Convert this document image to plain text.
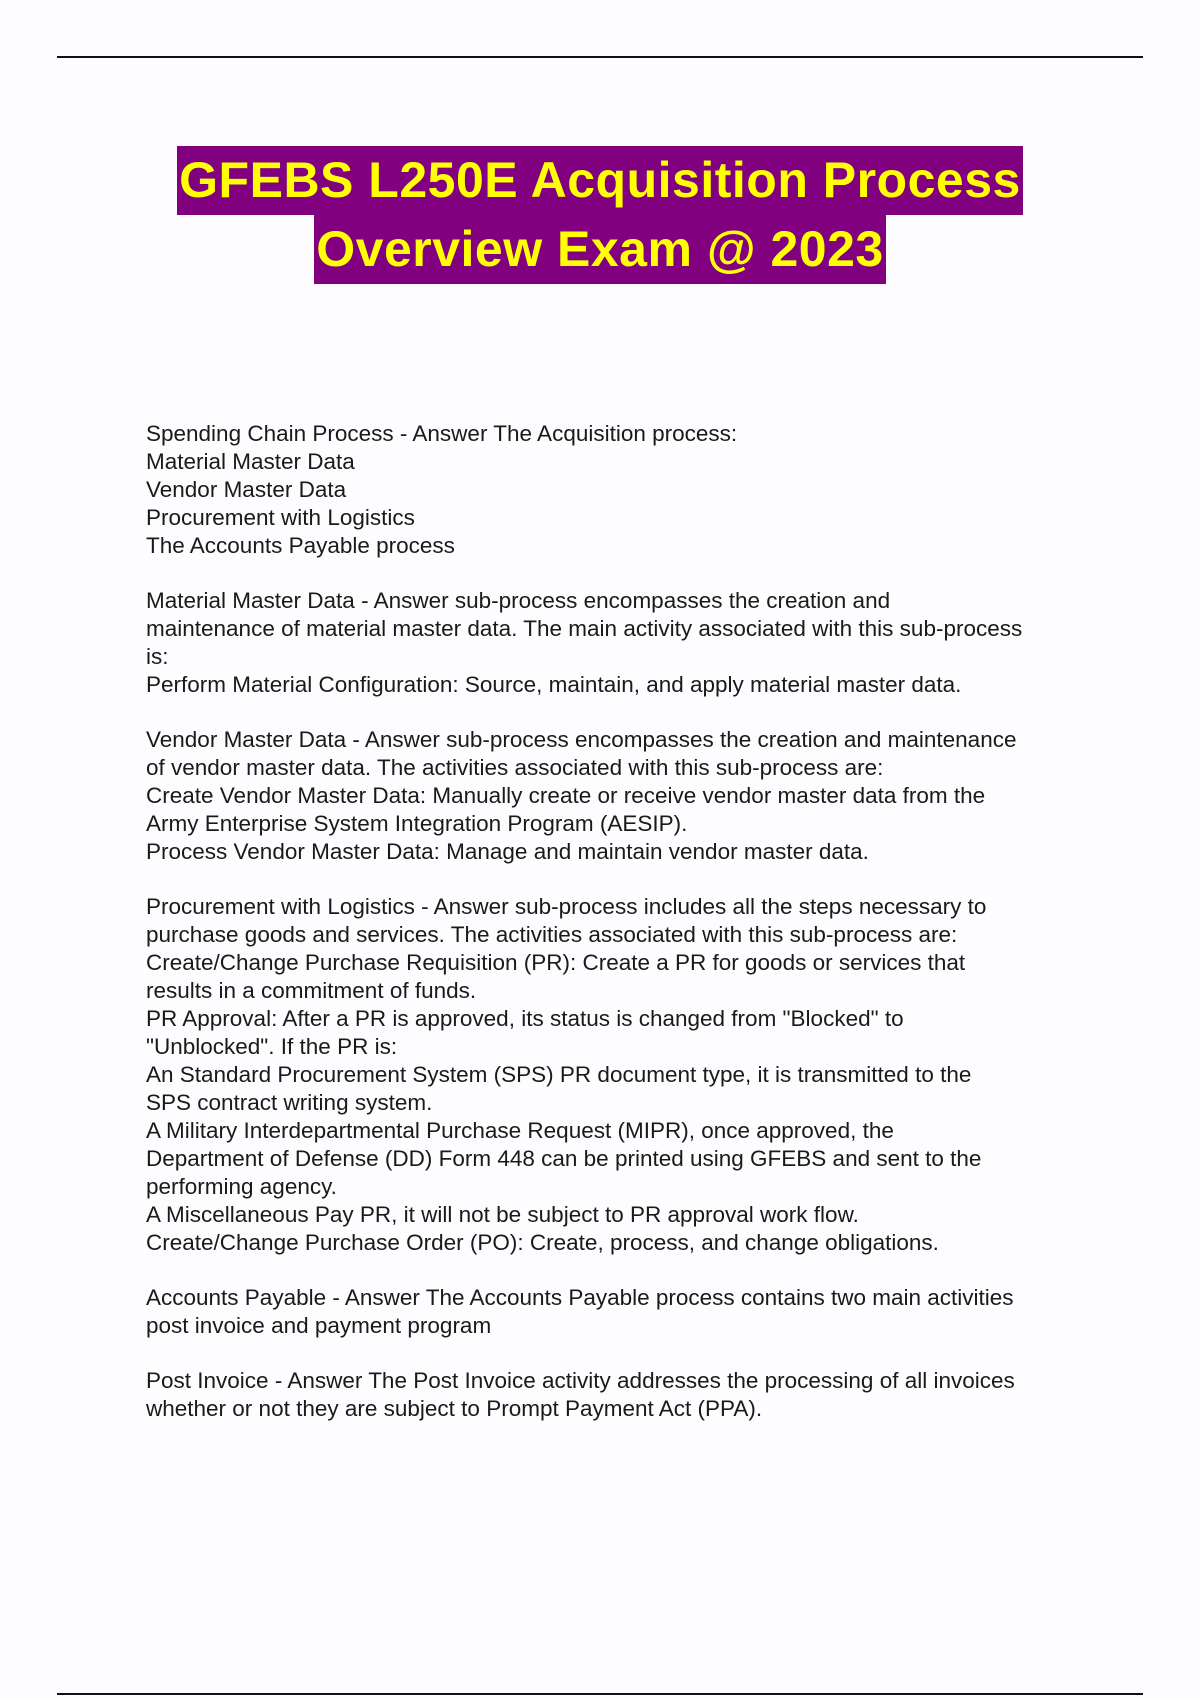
GFEBS L250E Acquisition Process
Overview Exam @ 2023
Spending Chain Process - Answer The Acquisition process:
Material Master Data
Vendor Master Data
Procurement with Logistics
The Accounts Payable process
Material Master Data - Answer sub-process encompasses the creation and
maintenance of material master data. The main activity associated with this sub-process
is:
Perform Material Configuration: Source, maintain, and apply material master data.
Vendor Master Data - Answer sub-process encompasses the creation and maintenance
of vendor master data. The activities associated with this sub-process are:
Create Vendor Master Data: Manually create or receive vendor master data from the
Army Enterprise System Integration Program (AESIP).
Process Vendor Master Data: Manage and maintain vendor master data.
Procurement with Logistics - Answer sub-process includes all the steps necessary to
purchase goods and services. The activities associated with this sub-process are:
Create/Change Purchase Requisition (PR): Create a PR for goods or services that
results in a commitment of funds.
PR Approval: After a PR is approved, its status is changed from "Blocked" to
"Unblocked". If the PR is:
An Standard Procurement System (SPS) PR document type, it is transmitted to the
SPS contract writing system.
A Military Interdepartmental Purchase Request (MIPR), once approved, the
Department of Defense (DD) Form 448 can be printed using GFEBS and sent to the
performing agency.
A Miscellaneous Pay PR, it will not be subject to PR approval work flow.
Create/Change Purchase Order (PO): Create, process, and change obligations.
Accounts Payable - Answer The Accounts Payable process contains two main activities
post invoice and payment program
Post Invoice - Answer The Post Invoice activity addresses the processing of all invoices
whether or not they are subject to Prompt Payment Act (PPA).
